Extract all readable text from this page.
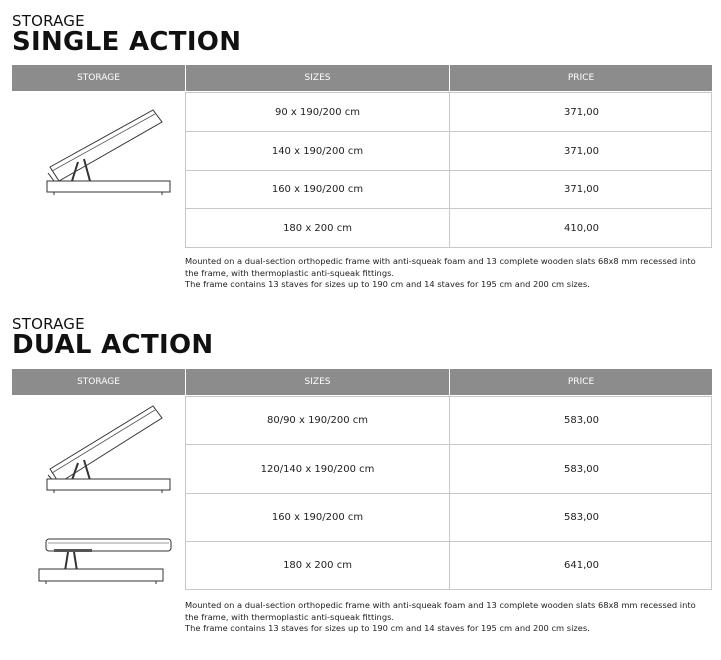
STORAGE
SINGLE ACTION
STORAGE	SIZES	PRICE
90 x 190/200 cm	371,00
140 x 190/200 cm	371,00
160 x 190/200 cm	371,00
180 x 200 cm	410,00
Mounted on a dual-section orthopedic frame with anti-squeak foam and 13 complete wooden slats 68x8 mm recessed into
the frame, with thermoplastic anti-squeak fittings.
The frame contains 13 staves for sizes up to 190 cm and 14 staves for 195 cm and 200 cm sizes.
STORAGE
DUAL ACTION
STORAGE	SIZES	PRICE
80/90 x 190/200 cm	583,00
120/140 x 190/200 cm	583,00
160 x 190/200 cm	583,00
180 x 200 cm	641,00
Mounted on a dual-section orthopedic frame with anti-squeak foam and 13 complete wooden slats 68x8 mm recessed into
the frame, with thermoplastic anti-squeak fittings.
The frame contains 13 staves for sizes up to 190 cm and 14 staves for 195 cm and 200 cm sizes.
